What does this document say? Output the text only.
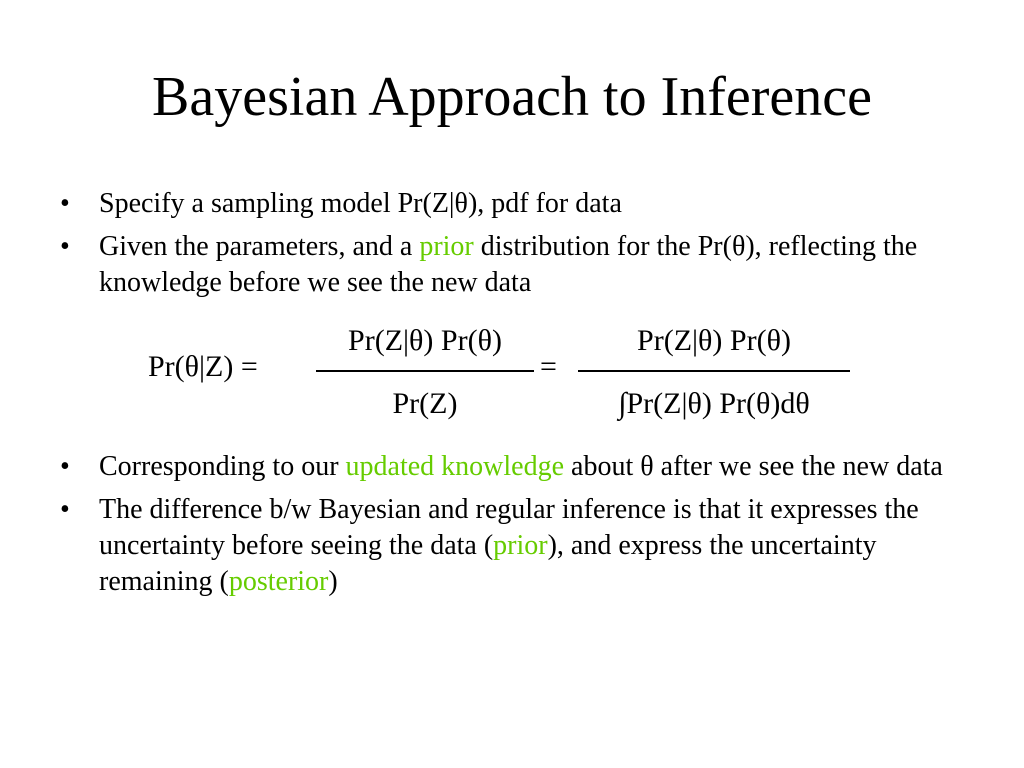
Bayesian Approach to Inference
• Specify a sampling model Pr(Z|θ), pdf for data
• Given the parameters, and a prior distribution for the Pr(θ), reflecting the knowledge before we see the new data
Pr(θ|Z) =
Pr(Z|θ) Pr(θ)
Pr(Z)
=
Pr(Z|θ) Pr(θ)
∫Pr(Z|θ) Pr(θ)dθ
• Corresponding to our updated knowledge about θ after we see the new data
• The difference b/w Bayesian and regular inference is that it expresses the uncertainty before seeing the data (prior), and express the uncertainty remaining (posterior)
